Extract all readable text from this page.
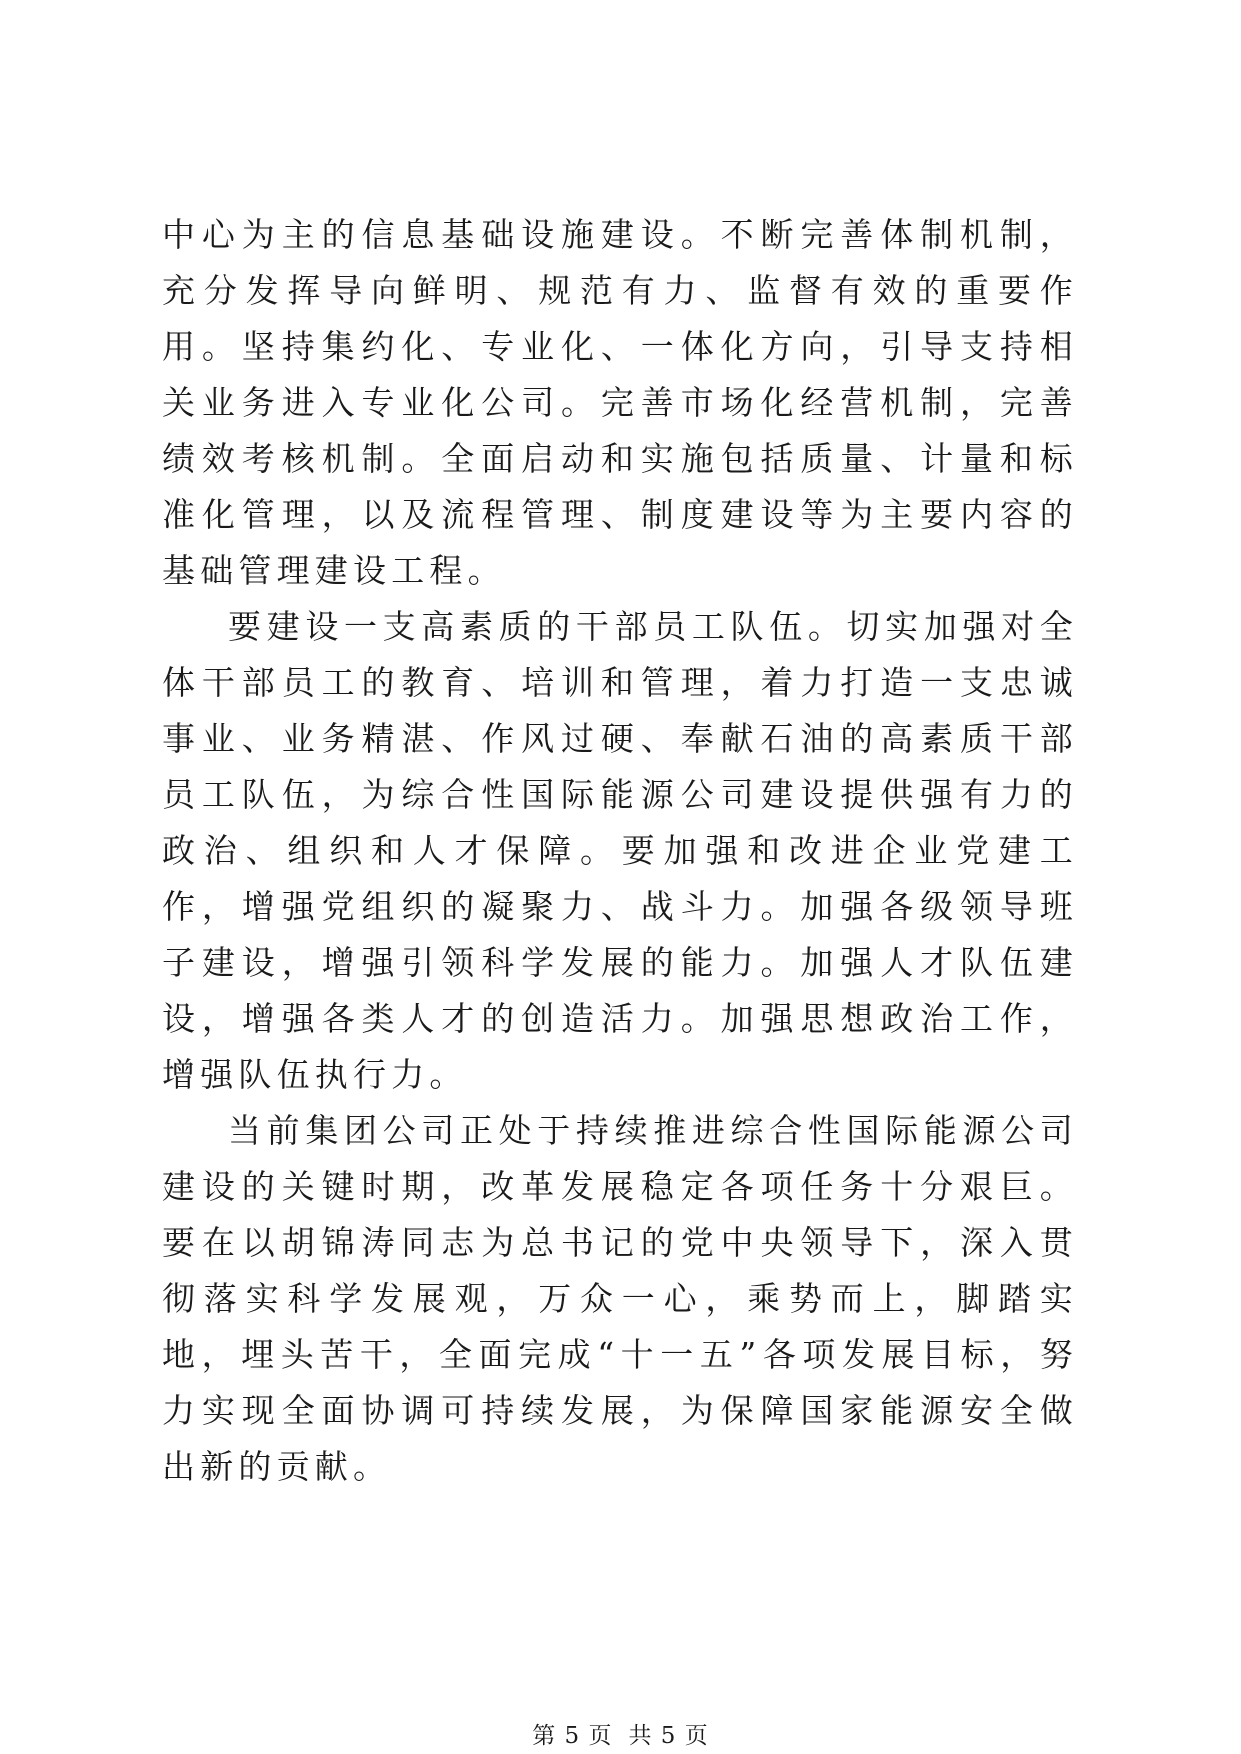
中心为主的信息基础设施建设。不断完善体制机制，充分发挥导向鲜明、规范有力、监督有效的重要作用。坚持集约化、专业化、一体化方向，引导支持相关业务进入专业化公司。完善市场化经营机制，完善绩效考核机制。全面启动和实施包括质量、计量和标准化管理，以及流程管理、制度建设等为主要内容的基础管理建设工程。

要建设一支高素质的干部员工队伍。切实加强对全体干部员工的教育、培训和管理，着力打造一支忠诚事业、业务精湛、作风过硬、奉献石油的高素质干部员工队伍，为综合性国际能源公司建设提供强有力的政治、组织和人才保障。要加强和改进企业党建工作，增强党组织的凝聚力、战斗力。加强各级领导班子建设，增强引领科学发展的能力。加强人才队伍建设，增强各类人才的创造活力。加强思想政治工作，增强队伍执行力。

当前集团公司正处于持续推进综合性国际能源公司建设的关键时期，改革发展稳定各项任务十分艰巨。要在以胡锦涛同志为总书记的党中央领导下，深入贯彻落实科学发展观，万众一心，乘势而上，脚踏实地，埋头苦干，全面完成“十一五”各项发展目标，努力实现全面协调可持续发展，为保障国家能源安全做出新的贡献。

第 5 页 共 5 页
